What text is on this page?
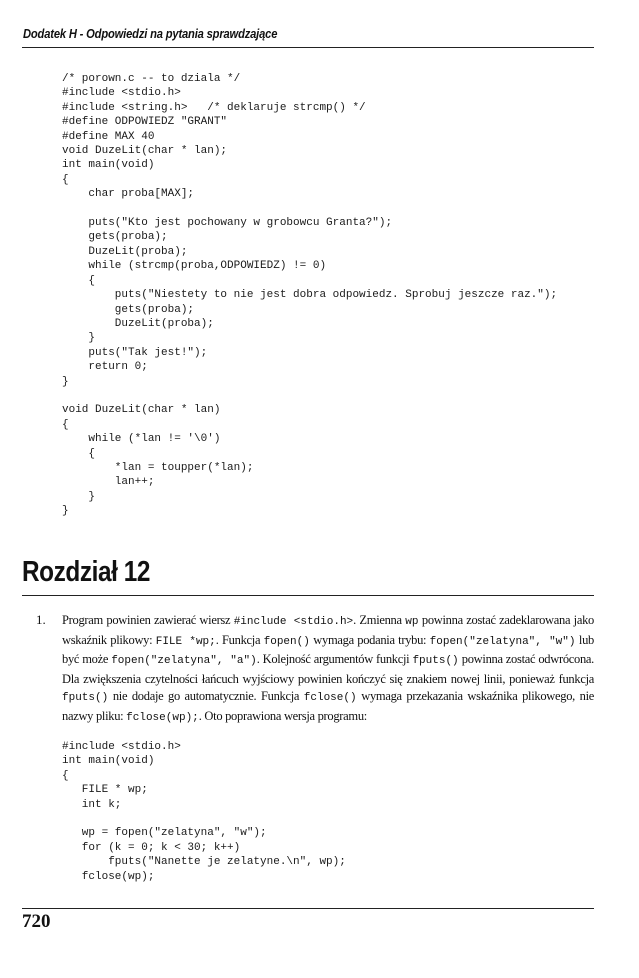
Dodatek H - Odpowiedzi na pytania sprawdzające
/* porown.c -- to dziala */
#include <stdio.h>
#include <string.h>   /* deklaruje strcmp() */
#define ODPOWIEDZ "GRANT"
#define MAX 40
void DuzeLit(char * lan);
int main(void)
{
char proba[MAX];

puts("Kto jest pochowany w grobowcu Granta?");
gets(proba);
DuzeLit(proba);
while (strcmp(proba,ODPOWIEDZ) != 0)
{
puts("Niestety to nie jest dobra odpowiedz. Sprobuj jeszcze raz.");
gets(proba);
DuzeLit(proba);
}
puts("Tak jest!");
return 0;
}

void DuzeLit(char * lan)
{
while (*lan != '\0')
{
*lan = toupper(*lan);
lan++;
}
}
Rozdział 12
1. Program powinien zawierać wiersz #include <stdio.h>. Zmienna wp powinna zostać zadeklarowana jako wskaźnik plikowy: FILE *wp;. Funkcja fopen() wymaga podania trybu: fopen("zelatyna", "w") lub być może fopen("zelatyna", "a"). Kolejność argumentów funkcji fputs() powinna zostać odwrócona. Dla zwiększenia czytelności łańcuch wyjściowy powinien kończyć się znakiem nowej linii, ponieważ funkcja fputs() nie dodaje go automatycznie. Funkcja fclose() wymaga przekazania wskaźnika plikowego, nie nazwy pliku: fclose(wp);. Oto poprawiona wersja programu:
#include <stdio.h>
int main(void)
{
FILE * wp;
int k;

wp = fopen("zelatyna", "w");
for (k = 0; k < 30; k++)
fputs("Nanette je zelatyne.\n", wp);
fclose(wp);
720
